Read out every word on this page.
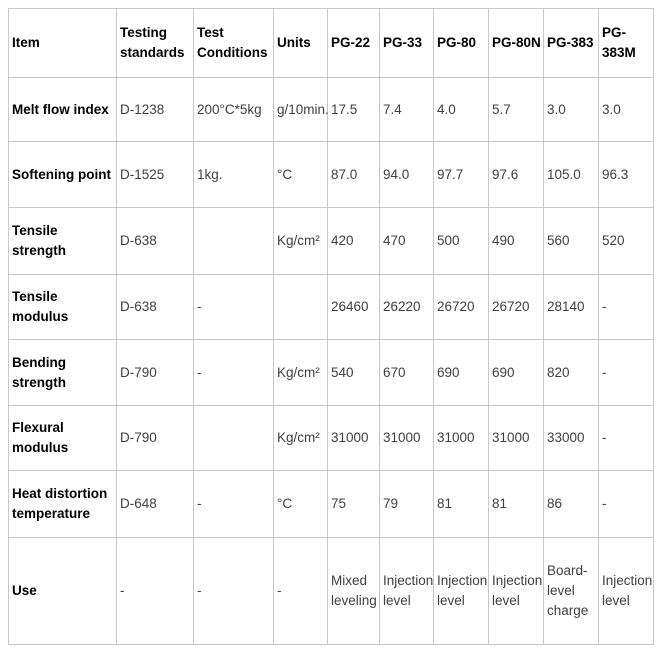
Item	Testing standards	Test Conditions	Units	PG-22	PG-33	PG-80	PG-80N	PG-383	PG-383M
Melt flow index	D-1238	200°C*5kg	g/10min.	17.5	7.4	4.0	5.7	3.0	3.0
Softening point	D-1525	1kg.	°C	87.0	94.0	97.7	97.6	105.0	96.3
Tensile strength	D-638		Kg/cm²	420	470	500	490	560	520
Tensile modulus	D-638	-		26460	26220	26720	26720	28140	-
Bending strength	D-790	-	Kg/cm²	540	670	690	690	820	-
Flexural modulus	D-790		Kg/cm²	31000	31000	31000	31000	33000	-
Heat distortion temperature	D-648	-	°C	75	79	81	81	86	-
Use	-	-	-	Mixed leveling	Injection level	Injection level	Injection level	Board-level charge	Injection level
